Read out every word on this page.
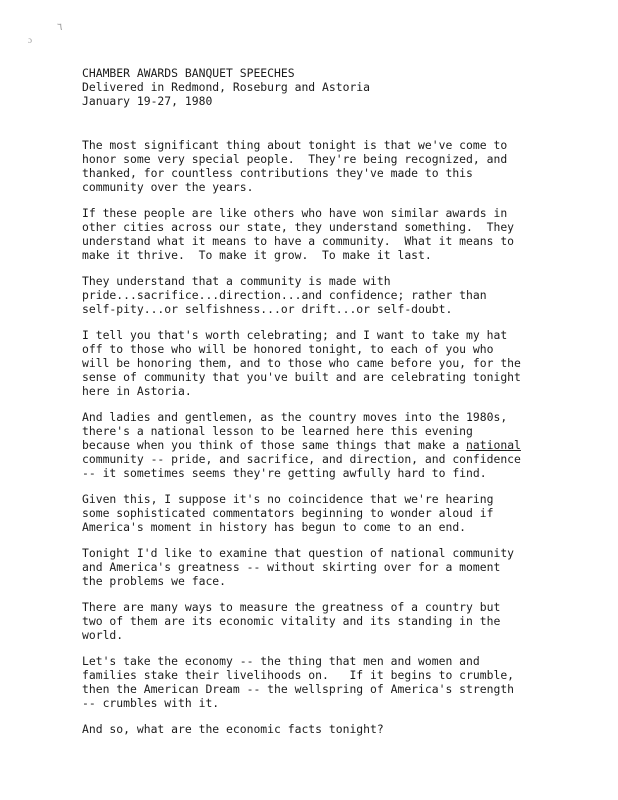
٦
ɔ
CHAMBER AWARDS BANQUET SPEECHES
Delivered in Redmond, Roseburg and Astoria
January 19-27, 1980
The most significant thing about tonight is that we've come to
honor some very special people.  They're being recognized, and
thanked, for countless contributions they've made to this
community over the years.
If these people are like others who have won similar awards in
other cities across our state, they understand something.  They
understand what it means to have a community.  What it means to
make it thrive.  To make it grow.  To make it last.
They understand that a community is made with
pride...sacrifice...direction...and confidence; rather than
self-pity...or selfishness...or drift...or self-doubt.
I tell you that's worth celebrating; and I want to take my hat
off to those who will be honored tonight, to each of you who
will be honoring them, and to those who came before you, for the
sense of community that you've built and are celebrating tonight
here in Astoria.
And ladies and gentlemen, as the country moves into the 1980s,
there's a national lesson to be learned here this evening
because when you think of those same things that make a national
community -- pride, and sacrifice, and direction, and confidence
-- it sometimes seems they're getting awfully hard to find.
Given this, I suppose it's no coincidence that we're hearing
some sophisticated commentators beginning to wonder aloud if
America's moment in history has begun to come to an end.
Tonight I'd like to examine that question of national community
and America's greatness -- without skirting over for a moment
the problems we face.
There are many ways to measure the greatness of a country but
two of them are its economic vitality and its standing in the
world.
Let's take the economy -- the thing that men and women and
families stake their livelihoods on.   If it begins to crumble,
then the American Dream -- the wellspring of America's strength
-- crumbles with it.
And so, what are the economic facts tonight?
